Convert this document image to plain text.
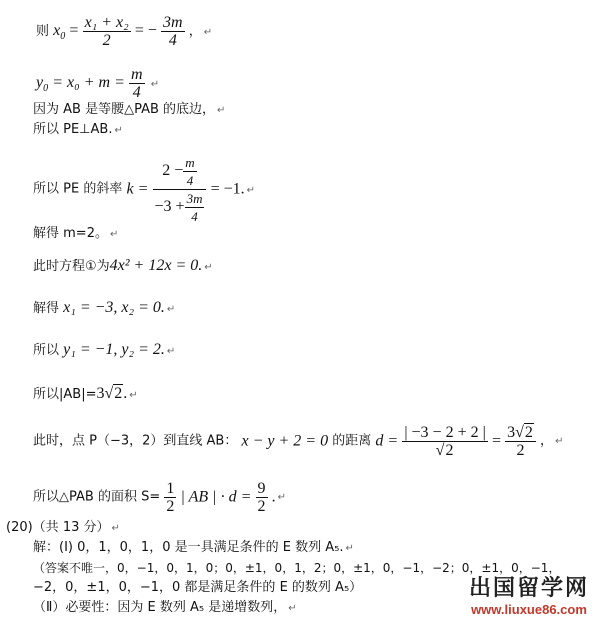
则 $x_0 = \frac{\text{x₁ + x₂}}{2}$ = − $\frac{3m}{4}$ ， ↵
$y_0 = x_0 + m = \frac{m}{4}$ ↵
因为 AB 是等腰△PAB 的底边， ↵
所以 PE⊥AB. ↵
所以 PE 的斜率 $k = \frac{2 - \frac{m}{4}}{-3 + \frac{3m}{4}} = -1$. ↵
解得 m=2。 ↵
此时方程①为4x² + 12x = 0. ↵
解得 x₁ = −3, x₂ = 0. ↵
所以 y₁ = −1, y₂ = 2. ↵
所以|AB|=3√2. ↵
此时，点 P（−3，2）到直线 AB： x − y + 2 = 0 的距离 $d = \frac{| -3 - 2 + 2 |}{√2} = \frac{3√2}{2}$ ， ↵
所以△PAB 的面积 $S= \frac{1}{2}$ | AB | · $d = \frac{9}{2}$ . ↵
(20)（共 13 分） ↵
解：(Ⅰ) 0，1，0，1，0 是一具满足条件的 E 数列 A₅. ↵
（答案不唯一，0，−1，0，1，0；0，±1，0，1，2；0，±1，0，−1，−2；0，±1，0，−1，
−2，0，±1，0，−1，0 都是满足条件的 E 的数列 A₅）
（Ⅱ）必要性：因为 E 数列 A₅ 是递增数列， ↵
出国留学网
www.liuxue86.com
